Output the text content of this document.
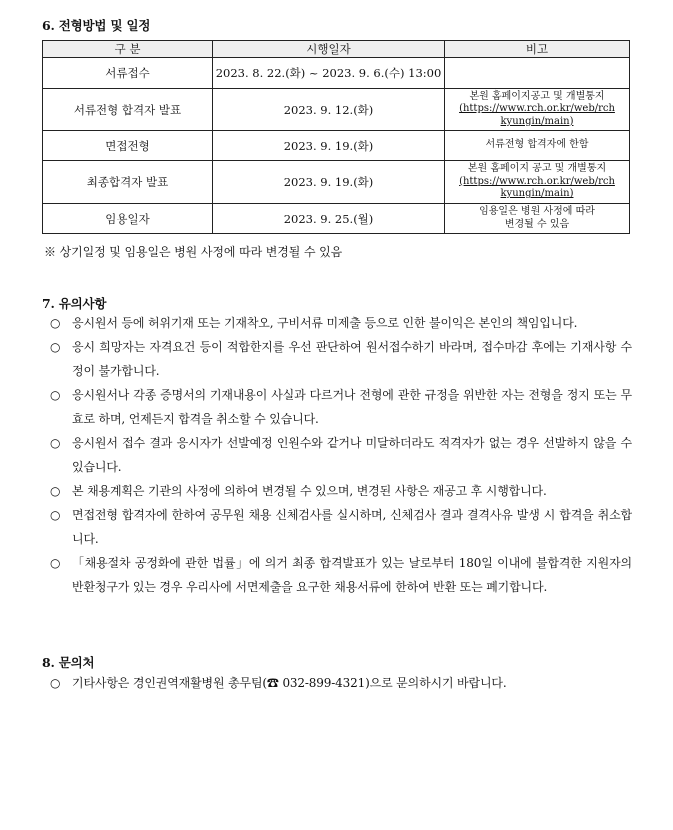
6. 전형방법 및 일정
구 분	시행일자	비고
서류접수	2023. 8. 22.(화) ~ 2023. 9. 6.(수) 13:00	
서류전형 합격자 발표	2023. 9. 12.(화)	본원 홈페이지공고 및 개별통지
(https://www.rch.or.kr/web/rch
kyungin/main)

면접전형	2023. 9. 19.(화)	서류전형 합격자에 한함

최종합격자 발표	2023. 9. 19.(화)	본원 홈페이지 공고 및 개별통지
(https://www.rch.or.kr/web/rch
kyungin/main)

임용일자	2023. 9. 25.(월)	임용일은 병원 사정에 따라
변경될 수 있음
※ 상기일정 및 임용일은 병원 사정에 따라 변경될 수 있음
7. 유의사항
○ 응시원서 등에 허위기재 또는 기재착오, 구비서류 미제출 등으로 인한 불이익은 본인의 책임입니다.
○ 응시 희망자는 자격요건 등이 적합한지를 우선 판단하여 원서접수하기 바라며, 접수마감 후에는 기재사항 수정이 불가합니다.
○ 응시원서나 각종 증명서의 기재내용이 사실과 다르거나 전형에 관한 규정을 위반한 자는 전형을 정지 또는 무효로 하며, 언제든지 합격을 취소할 수 있습니다.
○ 응시원서 접수 결과 응시자가 선발예정 인원수와 같거나 미달하더라도 적격자가 없는 경우 선발하지 않을 수 있습니다.
○ 본 채용계획은 기관의 사정에 의하여 변경될 수 있으며, 변경된 사항은 재공고 후 시행합니다.
○ 면접전형 합격자에 한하여 공무원 채용 신체검사를 실시하며, 신체검사 결과 결격사유 발생 시 합격을 취소합니다.
○ 「채용절차 공정화에 관한 법률」에 의거 최종 합격발표가 있는 날로부터 180일 이내에 불합격한 지원자의 반환청구가 있는 경우 우리사에 서면제출을 요구한 채용서류에 한하여 반환 또는 폐기합니다.
8. 문의처
○ 기타사항은 경인권역재활병원 총무팀(☎ 032-899-4321)으로 문의하시기 바랍니다.
